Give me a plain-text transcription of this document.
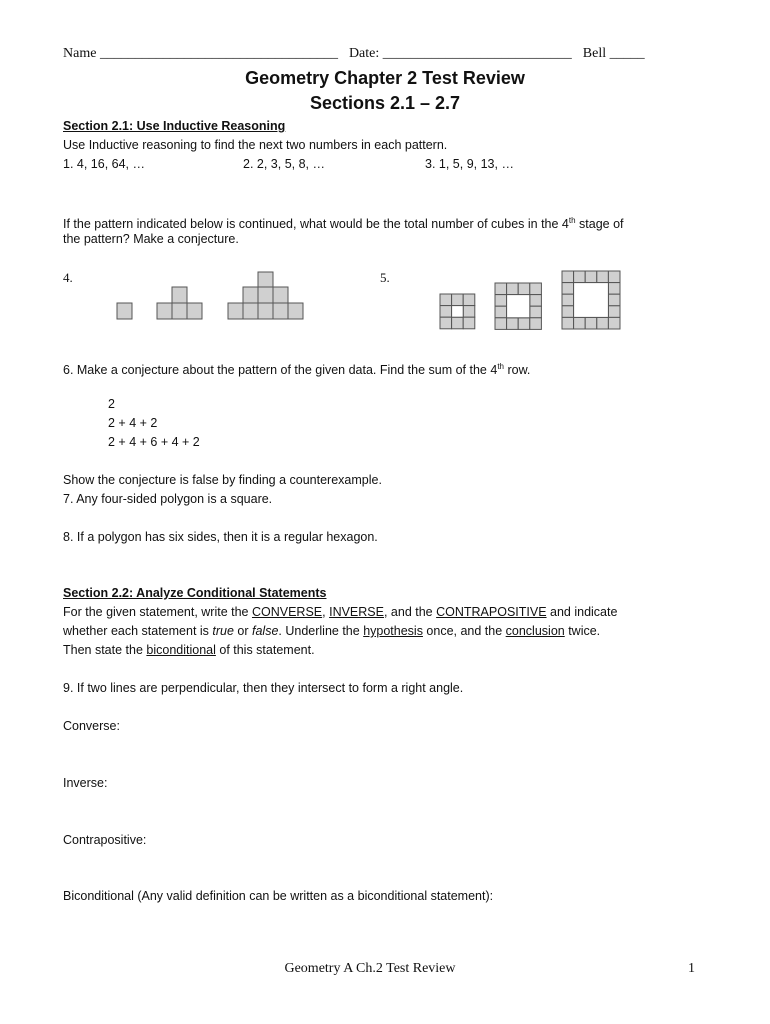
Name __________________________________ Date: ___________________________ Bell _____
Geometry Chapter 2 Test Review
Sections 2.1 – 2.7
Section 2.1: Use Inductive Reasoning
Use Inductive reasoning to find the next two numbers in each pattern.
1. 4, 16, 64, …	2. 2, 3, 5, 8, …	3. 1, 5, 9, 13, …
If the pattern indicated below is continued, what would be the total number of cubes in the 4th stage of
the pattern? Make a conjecture.
4.	5.
6. Make a conjecture about the pattern of the given data. Find the sum of the 4th row.
2
2 + 4 + 2
2 + 4 + 6 + 4 + 2
Show the conjecture is false by finding a counterexample.
7. Any four-sided polygon is a square.
8. If a polygon has six sides, then it is a regular hexagon.
Section 2.2: Analyze Conditional Statements
For the given statement, write the CONVERSE, INVERSE, and the CONTRAPOSITIVE and indicate
whether each statement is true or false. Underline the hypothesis once, and the conclusion twice.
Then state the biconditional of this statement.
9. If two lines are perpendicular, then they intersect to form a right angle.
Converse:
Inverse:
Contrapositive:
Biconditional (Any valid definition can be written as a biconditional statement):
Geometry A Ch.2 Test Review	1
